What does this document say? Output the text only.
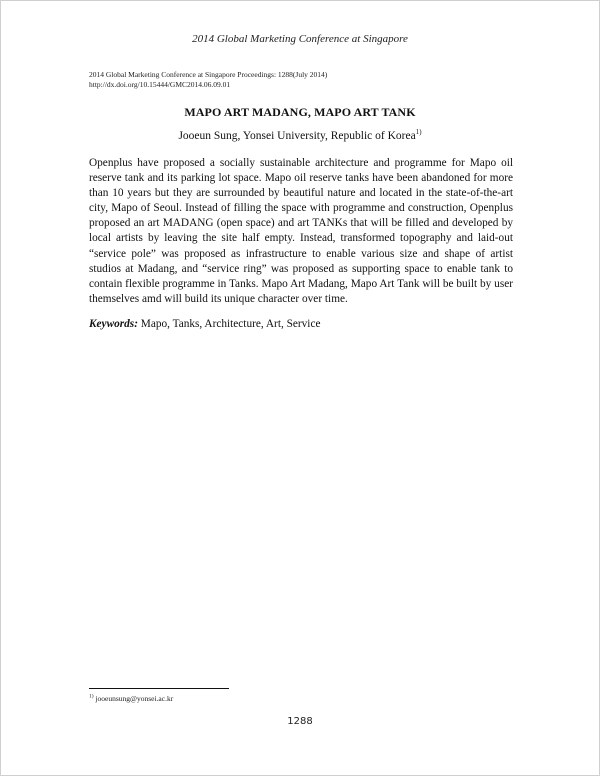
2014 Global Marketing Conference at Singapore
2014 Global Marketing Conference at Singapore Proceedings: 1288(July 2014)
http://dx.doi.org/10.15444/GMC2014.06.09.01
MAPO ART MADANG, MAPO ART TANK
Jooeun Sung, Yonsei University, Republic of Korea$^{1)}$

Openplus have proposed a socially sustainable architecture and programme for Mapo oil reserve tank and its parking lot space. Mapo oil reserve tanks have been abandoned for more than 10 years but they are surrounded by beautiful nature and located in the state-of-the-art city, Mapo of Seoul. Instead of filling the space with programme and construction, Openplus proposed an art MADANG (open space) and art TANKs that will be filled and developed by local artists by leaving the site half empty. Instead, transformed topography and laid-out “service pole” was proposed as infrastructure to enable various size and shape of artist studios at Madang, and “service ring” was proposed as supporting space to enable tank to contain flexible programme in Tanks. Mapo Art Madang, Mapo Art Tank will be built by user themselves amd will build its unique character over time.

Keywords: Mapo, Tanks, Architecture, Art, Service

$^{1)}$ jooeunsung@yonsei.ac.kr
1288
